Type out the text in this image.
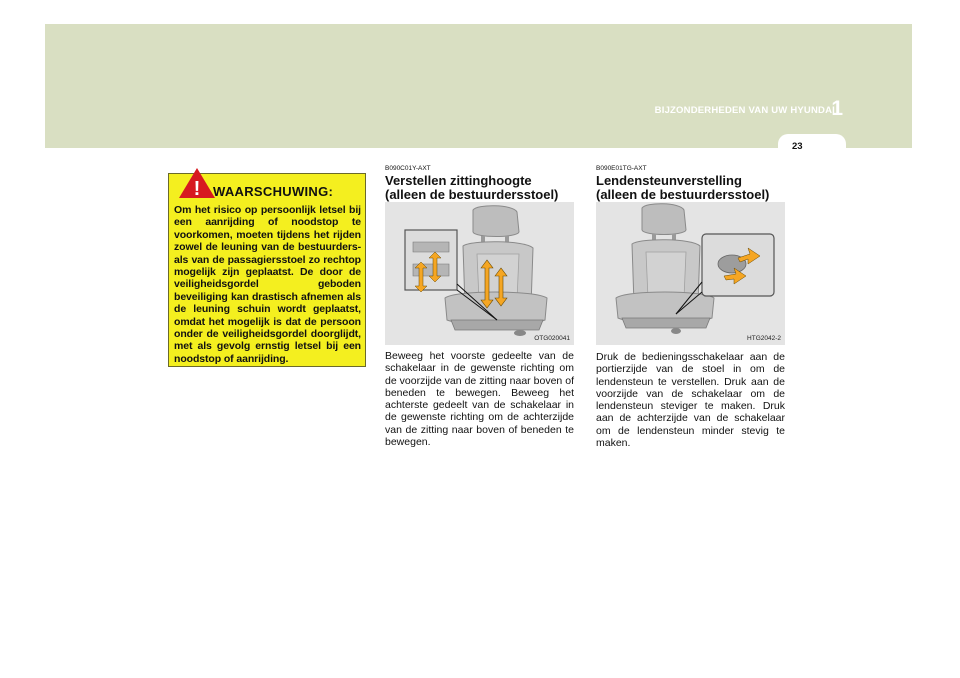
BIJZONDERHEDEN VAN UW HYUNDAI
1
23
! WAARSCHUWING:
Om het risico op persoonlijk letsel bij een aanrijding of noodstop te voorkomen, moeten tijdens het rijden zowel de leuning van de bestuurders-als van de passagiersstoel zo rechtop mogelijk zijn geplaatst. De door de veiligheidsgordel geboden beveiliging kan drastisch afnemen als de leuning schuin wordt geplaatst, omdat het mogelijk is dat de persoon onder de veiligheidsgordel doorglijdt, met als gevolg ernstig letsel bij een noodstop of aanrijding.
B090C01Y-AXT
Verstellen zittinghoogte
(alleen de bestuurdersstoel)
OTG020041
Beweeg het voorste gedeelte van de schakelaar in de gewenste richting om de voorzijde van de zitting naar boven of beneden te bewegen. Beweeg het achterste gedeelt van de schakelaar in de gewenste richting om de achterzijde van de zitting naar boven of beneden te bewegen.
B090E01TG-AXT
Lendensteunverstelling
(alleen de bestuurdersstoel)
HTG2042-2
Druk de bedieningsschakelaar aan de portierzijde van de stoel in om de lendensteun te verstellen. Druk aan de voorzijde van de schakelaar om de lendensteun steviger te maken. Druk aan de achterzijde van de schakelaar om de lendensteun minder stevig te maken.
